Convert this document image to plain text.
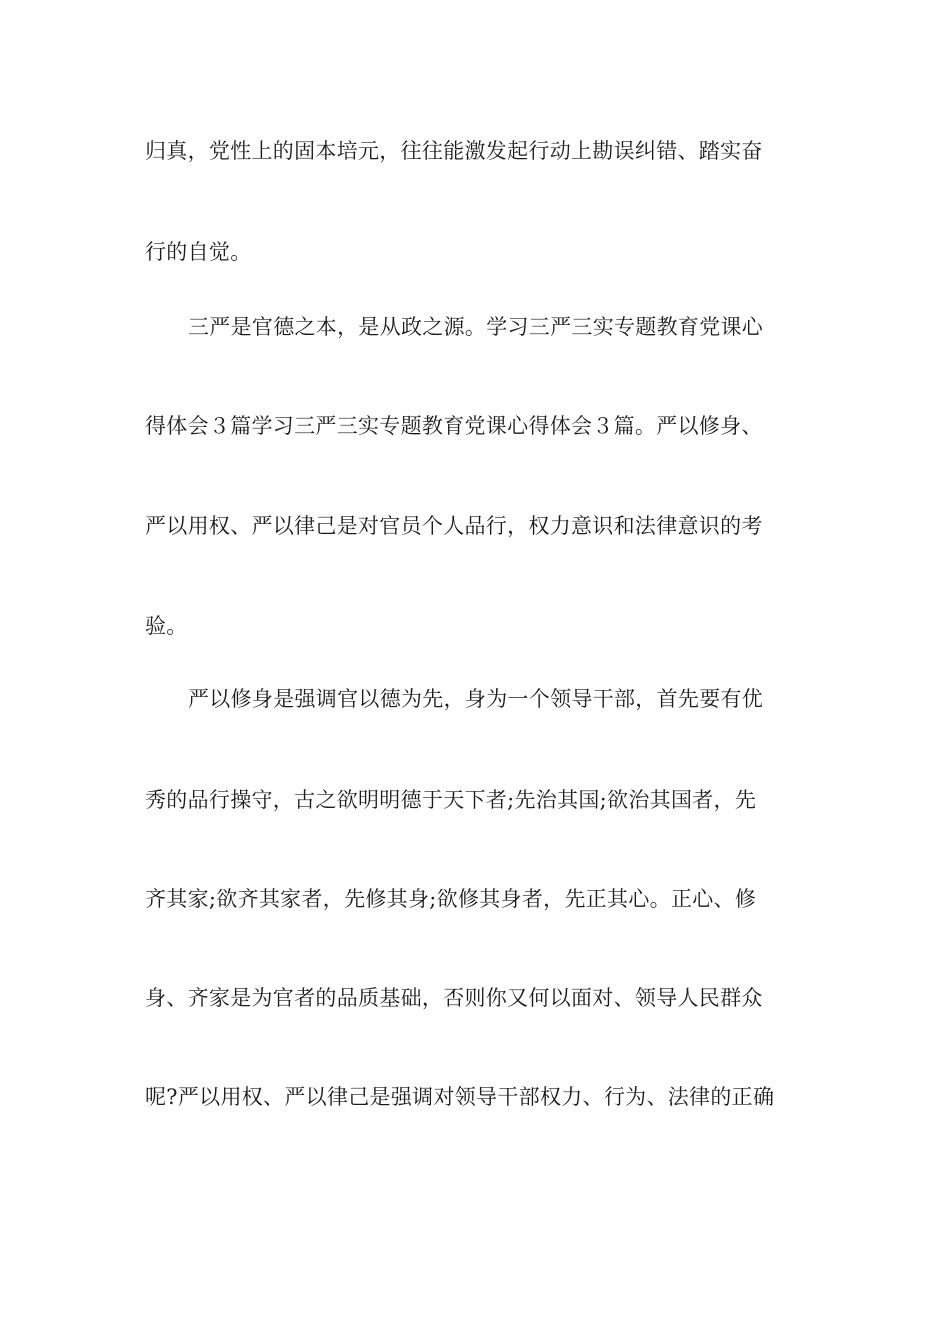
归真，党性上的固本培元，往往能激发起行动上勘误纠错、踏实奋
行的自觉。
三严是官德之本，是从政之源。学习三严三实专题教育党课心
得体会３篇学习三严三实专题教育党课心得体会３篇。严以修身、
严以用权、严以律己是对官员个人品行，权力意识和法律意识的考
验。
严以修身是强调官以德为先，身为一个领导干部，首先要有优
秀的品行操守，古之欲明明德于天下者;先治其国;欲治其国者，先
齐其家;欲齐其家者，先修其身;欲修其身者，先正其心。正心、修
身、齐家是为官者的品质基础，否则你又何以面对、领导人民群众
呢?严以用权、严以律己是强调对领导干部权力、行为、法律的正确
